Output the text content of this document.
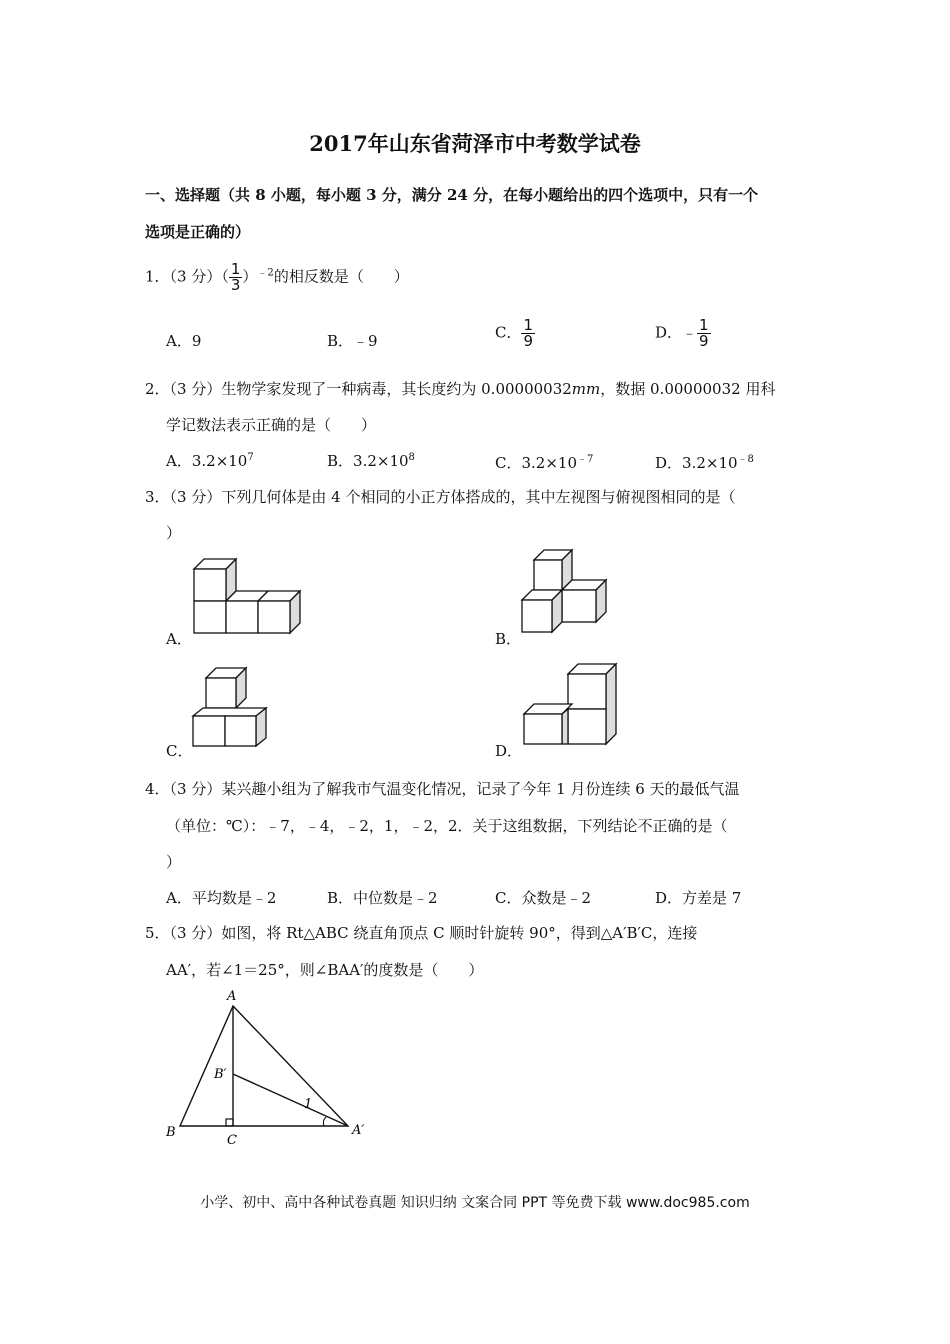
2017年山东省菏泽市中考数学试卷
一、选择题（共 8 小题，每小题 3 分，满分 24 分，在每小题给出的四个选项中，只有一个
选项是正确的）
1．（3 分）（ $\frac{1}{3} )^{﹣2}$的相反数是（　　）
A．9	B．﹣9	C． $\frac{1}{9}$	D．﹣ $\frac{1}{9}$
2．（3 分）生物学家发现了一种病毒，其长度约为 0.00000032mm，数据 0.00000032 用科
学记数法表示正确的是（　　）
A．$3.2\times 10^7$	B．$3.2\times 10^8$	C．$3.2\times 10^{﹣7}$	D．$3.2\times 10^{﹣8}$
3．（3 分）下列几何体是由 4 个相同的小正方体搭成的，其中左视图与俯视图相同的是（
）
A．	B．
C．	D．
4．（3 分）某兴趣小组为了解我市气温变化情况，记录了今年 1 月份连续 6 天的最低气温
（单位：℃）：﹣7，﹣4，﹣2，1，﹣2，2．关于这组数据，下列结论不正确的是（
）
A．平均数是﹣2	B．中位数是﹣2	C．众数是﹣2	D．方差是 7
5．（3 分）如图，将 Rt△ABC 绕直角顶点 C 顺时针旋转 90°，得到△A′B′C，连接
AA′，若∠1＝25°，则∠BAA′的度数是（　　）
A
B
C
B′
A′
1
小学、初中、高中各种试卷真题 知识归纳 文案合同 PPT 等免费下载 www.doc985.com
